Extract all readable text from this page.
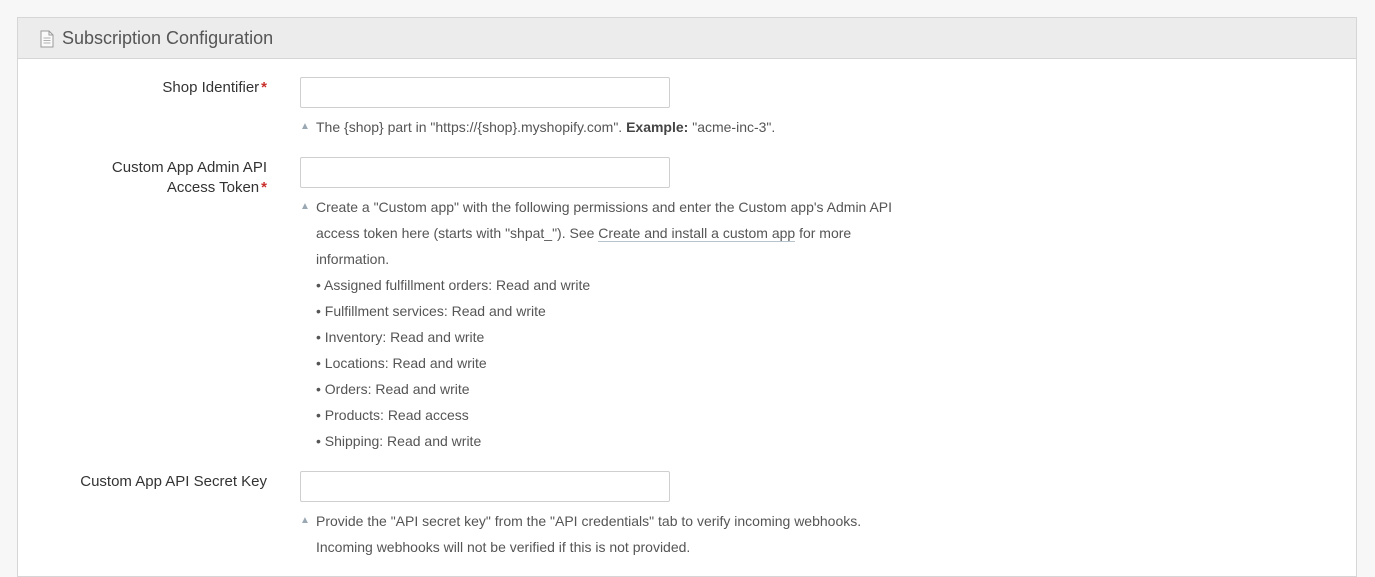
Subscription Configuration
Shop Identifier *
▲ The {shop} part in "https://{shop}.myshopify.com". Example: "acme-inc-3".
Custom App Admin API
Access Token *
▲ Create a "Custom app" with the following permissions and enter the Custom app's Admin API access token here (starts with "shpat_"). See Create and install a custom app for more information.
• Assigned fulfillment orders: Read and write
• Fulfillment services: Read and write
• Inventory: Read and write
• Locations: Read and write
• Orders: Read and write
• Products: Read access
• Shipping: Read and write
Custom App API Secret Key
▲ Provide the "API secret key" from the "API credentials" tab to verify incoming webhooks. Incoming webhooks will not be verified if this is not provided.
